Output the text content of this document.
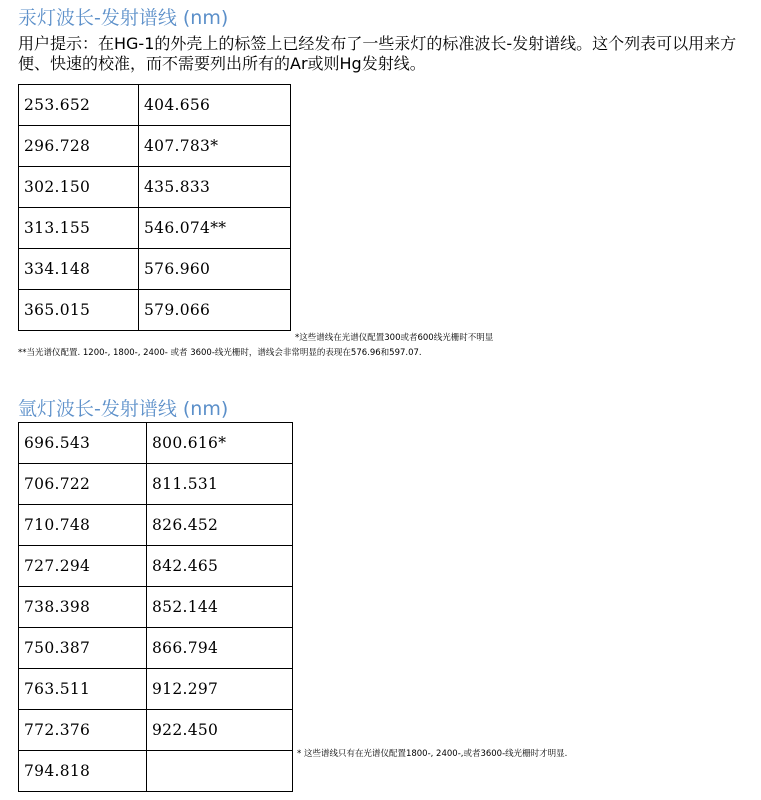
汞灯波长-发射谱线 (nm)

用户提示：在HG-1的外壳上的标签上已经发布了一些汞灯的标准波长-发射谱线。这个列表可以用来方便、快速的校准，而不需要列出所有的Ar或则Hg发射线。

253.652	404.656
296.728	407.783*
302.150	435.833
313.155	546.074**
334.148	576.960
365.015	579.066

*这些谱线在光谱仪配置300或者600线光栅时不明显

**当光谱仪配置. 1200-, 1800-, 2400- 或者 3600-线光栅时，谱线会非常明显的表现在576.96和597.07.

氩灯波长-发射谱线 (nm)
696.543	800.616*
706.722	811.531
710.748	826.452
727.294	842.465
738.398	852.144
750.387	866.794
763.511	912.297
772.376	922.450
794.818	

* 这些谱线只有在光谱仪配置1800-, 2400-,或者3600-线光栅时才明显.
